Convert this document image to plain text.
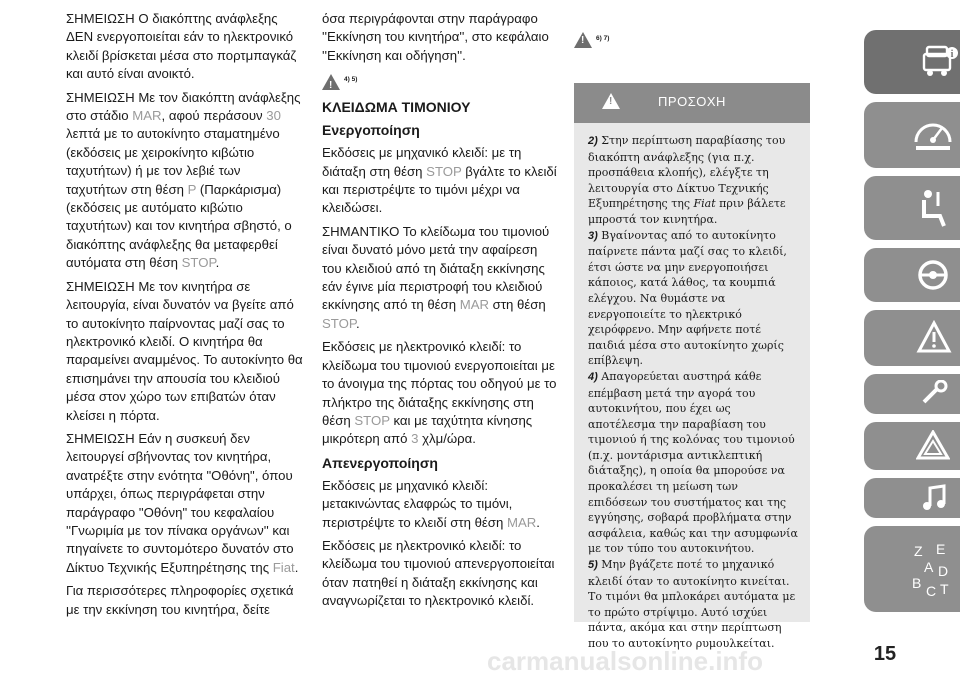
ΣΗΜΕΙΩΣΗ Ο διακόπτης ανάφλεξης ΔΕΝ ενεργοποιείται εάν το ηλεκτρονικό κλειδί βρίσκεται μέσα στο πορτμπαγκάζ και αυτό είναι ανοικτό.

ΣΗΜΕΙΩΣΗ Με τον διακόπτη ανάφλεξης στο στάδιο MAR, αφού περάσουν 30 λεπτά με το αυτοκίνητο σταματημένο (εκδόσεις με χειροκίνητο κιβώτιο ταχυτήτων) ή με τον λεβιέ των ταχυτήτων στη θέση P (Παρκάρισμα) (εκδόσεις με αυτόματο κιβώτιο ταχυτήτων) και τον κινητήρα σβηστό, ο διακόπτης ανάφλεξης θα μεταφερθεί αυτόματα στη θέση STOP.

ΣΗΜΕΙΩΣΗ Με τον κινητήρα σε λειτουργία, είναι δυνατόν να βγείτε από το αυτοκίνητο παίρνοντας μαζί σας το ηλεκτρονικό κλειδί. Ο κινητήρα θα παραμείνει αναμμένος. Το αυτοκίνητο θα επισημάνει την απουσία του κλειδιού μέσα στον χώρο των επιβατών όταν κλείσει η πόρτα.

ΣΗΜΕΙΩΣΗ Εάν η συσκευή δεν λειτουργεί σβήνοντας τον κινητήρα, ανατρέξτε στην ενότητα "Οθόνη", όπου υπάρχει, όπως περιγράφεται στην παράγραφο "Οθόνη" του κεφαλαίου ''Γνωριμία με τον πίνακα οργάνων'' και πηγαίνετε το συντομότερο δυνατόν στο Δίκτυο Τεχνικής Εξυπηρέτησης της Fiat.

Για περισσότερες πληροφορίες σχετικά με την εκκίνηση του κινητήρα, δείτε

όσα περιγράφονται στην παράγραφο ''Εκκίνηση του κινητήρα'', στο κεφάλαιο ''Εκκίνηση και οδήγηση''.

!
4) 5)

ΚΛΕΙΔΩΜΑ ΤΙΜΟΝΙΟΥ

Ενεργοποίηση

Εκδόσεις με μηχανικό κλειδί: με τη διάταξη στη θέση STOP βγάλτε το κλειδί και περιστρέψτε το τιμόνι μέχρι να κλειδώσει.

ΣΗΜΑΝΤΙΚΟ Το κλείδωμα του τιμονιού είναι δυνατό μόνο μετά την αφαίρεση του κλειδιού από τη διάταξη εκκίνησης εάν έγινε μία περιστροφή του κλειδιού εκκίνησης από τη θέση MAR στη θέση STOP.

Εκδόσεις με ηλεκτρονικό κλειδί: το κλείδωμα του τιμονιού ενεργοποιείται με το άνοιγμα της πόρτας του οδηγού με το πλήκτρο της διάταξης εκκίνησης στη θέση STOP και με ταχύτητα κίνησης μικρότερη από 3 χλμ/ώρα.

Απενεργοποίηση

Εκδόσεις με μηχανικό κλειδί: μετακινώντας ελαφρώς το τιμόνι, περιστρέψτε το κλειδί στη θέση MAR.

Εκδόσεις με ηλεκτρονικό κλειδί: το κλείδωμα του τιμονιού απενεργοποιείται όταν πατηθεί η διάταξη εκκίνησης και αναγνωρίζεται το ηλεκτρονικό κλειδί.

!
6) 7)
!
ΠΡΟΣΟΧΗ

2) Στην περίπτωση παραβίασης του διακόπτη ανάφλεξης (για π.χ. προσπάθεια κλοπής), ελέγξτε τη λειτουργία στο Δίκτυο Τεχνικής Εξυπηρέτησης της Fiat πριν βάλετε μπροστά τον κινητήρα.

3) Βγαίνοντας από το αυτοκίνητο παίρνετε πάντα μαζί σας το κλειδί, έτσι ώστε να μην ενεργοποιήσει κάποιος, κατά λάθος, τα κουμπιά ελέγχου. Να θυμάστε να ενεργοποιείτε το ηλεκτρικό χειρόφρενο. Μην αφήνετε ποτέ παιδιά μέσα στο αυτοκίνητο χωρίς επίβλεψη.

4) Απαγορεύεται αυστηρά κάθε επέμβαση μετά την αγορά του αυτοκινήτου, που έχει ως αποτέλεσμα την παραβίαση του τιμονιού ή της κολόνας του τιμονιού (π.χ. μοντάρισμα αντικλεπτική διάταξης), η οποία θα μπορούσε να προκαλέσει τη μείωση των επιδόσεων του συστήματος και της εγγύησης, σοβαρά προβλήματα στην ασφάλεια, καθώς και την ασυμφωνία με τον τύπο του αυτοκινήτου.

5) Μην βγάζετε ποτέ το μηχανικό κλειδί όταν το αυτοκίνητο κινείται. Το τιμόνι θα μπλοκάρει αυτόματα με το πρώτο στρίψιμο. Αυτό ισχύει πάντα, ακόμα και στην περίπτωση που το αυτοκίνητο ρυμουλκείται.

i
Z E
A
B
D
C T
carmanualsonline.info	15
